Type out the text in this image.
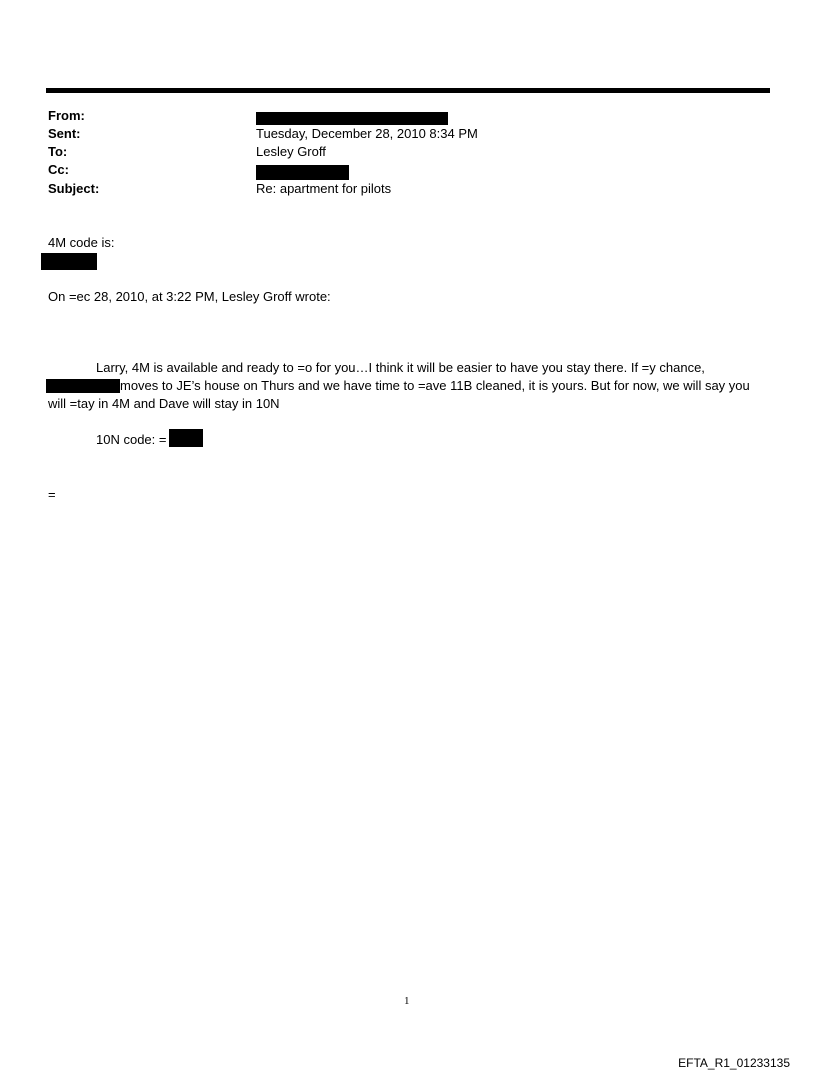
From:
Sent:	Tuesday, December 28, 2010 8:34 PM
To:	Lesley Groff
Cc:
Subject:	Re: apartment for pilots
4M code is:
On =ec 28, 2010, at 3:22 PM, Lesley Groff wrote:
Larry, 4M is available and ready to =o for you…I think it will be easier to have you stay there. If =y chance,
moves to JE’s house on Thurs and we have time to =ave 11B cleaned, it is yours. But for now, we will say you
will =tay in 4M and Dave will stay in 10N
10N code: =
=
1
EFTA_R1_01233135
